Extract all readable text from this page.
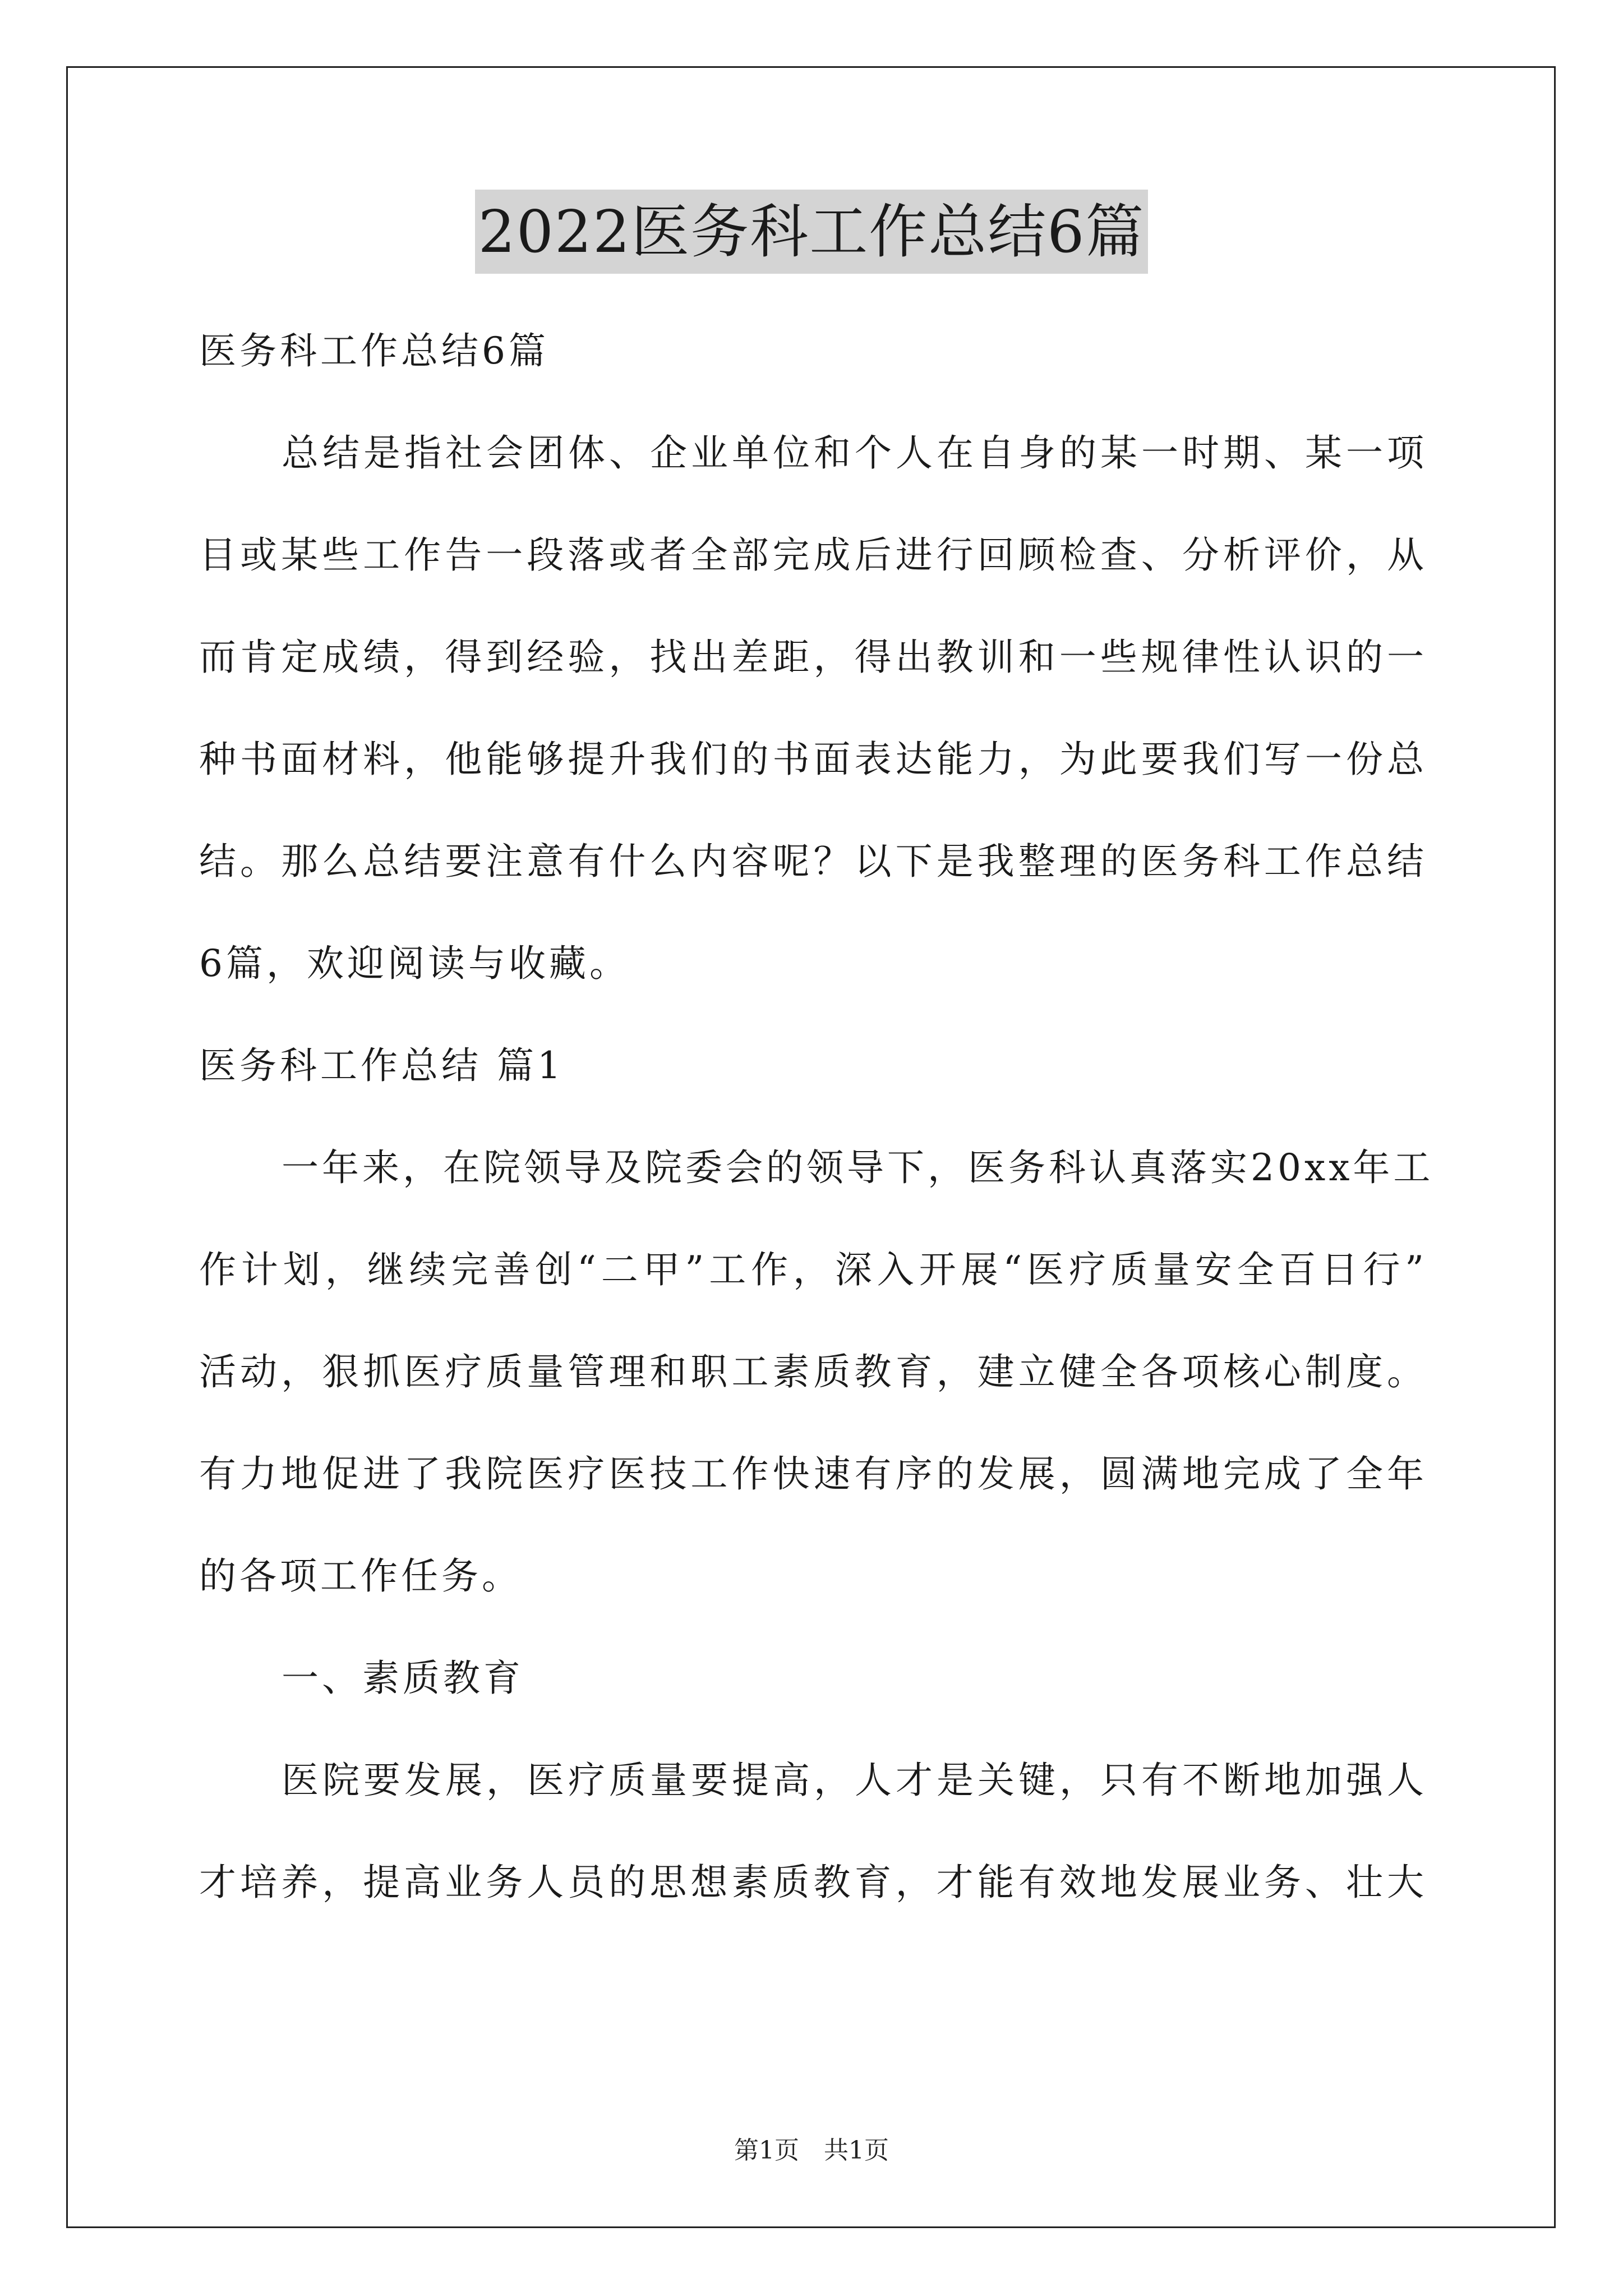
2022医务科工作总结6篇
医务科工作总结6篇
总结是指社会团体、企业单位和个人在自身的某一时期、某一项
目或某些工作告一段落或者全部完成后进行回顾检查、分析评价，从
而肯定成绩，得到经验，找出差距，得出教训和一些规律性认识的一
种书面材料，他能够提升我们的书面表达能力，为此要我们写一份总
结。那么总结要注意有什么内容呢？以下是我整理的医务科工作总结
6篇，欢迎阅读与收藏。
医务科工作总结 篇1
一年来，在院领导及院委会的领导下，医务科认真落实20xx年工
作计划，继续完善创“二甲”工作，深入开展“医疗质量安全百日行”
活动，狠抓医疗质量管理和职工素质教育，建立健全各项核心制度。
有力地促进了我院医疗医技工作快速有序的发展，圆满地完成了全年
的各项工作任务。
一、素质教育
医院要发展，医疗质量要提高，人才是关键，只有不断地加强人
才培养，提高业务人员的思想素质教育，才能有效地发展业务、壮大
第1页　共1页
